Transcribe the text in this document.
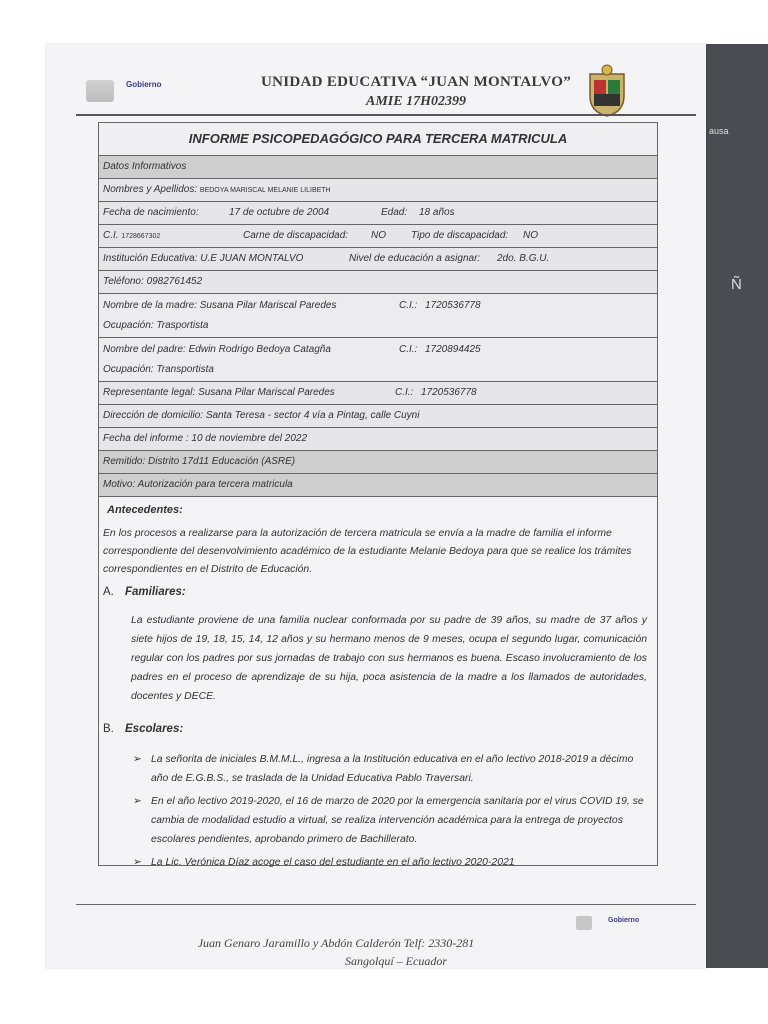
ausa
Ñ
Gobierno	UNIDAD EDUCATIVA “JUAN MONTALVO”
AMIE 17H02399
INFORME PSICOPEDAGÓGICO PARA TERCERA MATRICULA
Datos Informativos
Nombres y Apellidos: BEDOYA MARISCAL MELANIE LILIBETH
Fecha de nacimiento:	17 de octubre de 2004	Edad: 18 años
C.I. 1728667302	Carne de discapacidad: NO	Tipo de discapacidad: NO
Institución Educativa: U.E JUAN MONTALVO	Nivel de educación a asignar: 2do. B.G.U.
Teléfono: 0982761452
Nombre de la madre: Susana Pilar Mariscal Paredes	C.I.: 1720536778
Ocupación: Trasportista
Nombre del padre: Edwin Rodrigo Bedoya Catagña	C.I.: 1720894425
Ocupación: Transportista
Representante legal: Susana Pilar Mariscal Paredes	C.I.: 1720536778
Dirección de domicilio: Santa Teresa - sector 4 vía a Pintag, calle Cuyni
Fecha del informe : 10 de noviembre del 2022
Remitido: Distrito 17d11 Educación (ASRE)
Motivo: Autorización para tercera matricula
Antecedentes:

En los procesos a realizarse para la autorización de tercera matricula se envía a la madre de familia el informe correspondiente del desenvolvimiento académico de la estudiante Melanie Bedoya para que se realice los trámites correspondientes en el Distrito de Educación.

A. Familiares:

La estudiante proviene de una familia nuclear conformada por su padre de 39 años, su madre de 37 años y siete hijos de 19, 18, 15, 14, 12 años y su hermano menos de 9 meses, ocupa el segundo lugar, comunicación regular con los padres por sus jornadas de trabajo con sus hermanos es buena. Escaso involucramiento de los padres en el proceso de aprendizaje de su hija, poca asistencia de la madre a los llamados de autoridades, docentes y DECE.

B. Escolares:
➢ La señorita de iniciales B.M.M.L., ingresa a la Institución educativa en el año lectivo 2018-2019 a décimo año de E.G.B.S., se traslada de la Unidad Educativa Pablo Traversari.
➢ En el año lectivo 2019-2020, el 16 de marzo de 2020 por la emergencia sanitaria por el virus COVID 19, se cambia de modalidad estudio a virtual, se realiza intervención académica para la entrega de proyectos escolares pendientes, aprobando primero de Bachillerato.
➢ La Lic. Verónica Díaz acoge el caso del estudiante en el año lectivo 2020-2021
Gobierno
Juan Genaro Jaramillo y Abdón Calderón Telf: 2330-281
Sangolquí – Ecuador
